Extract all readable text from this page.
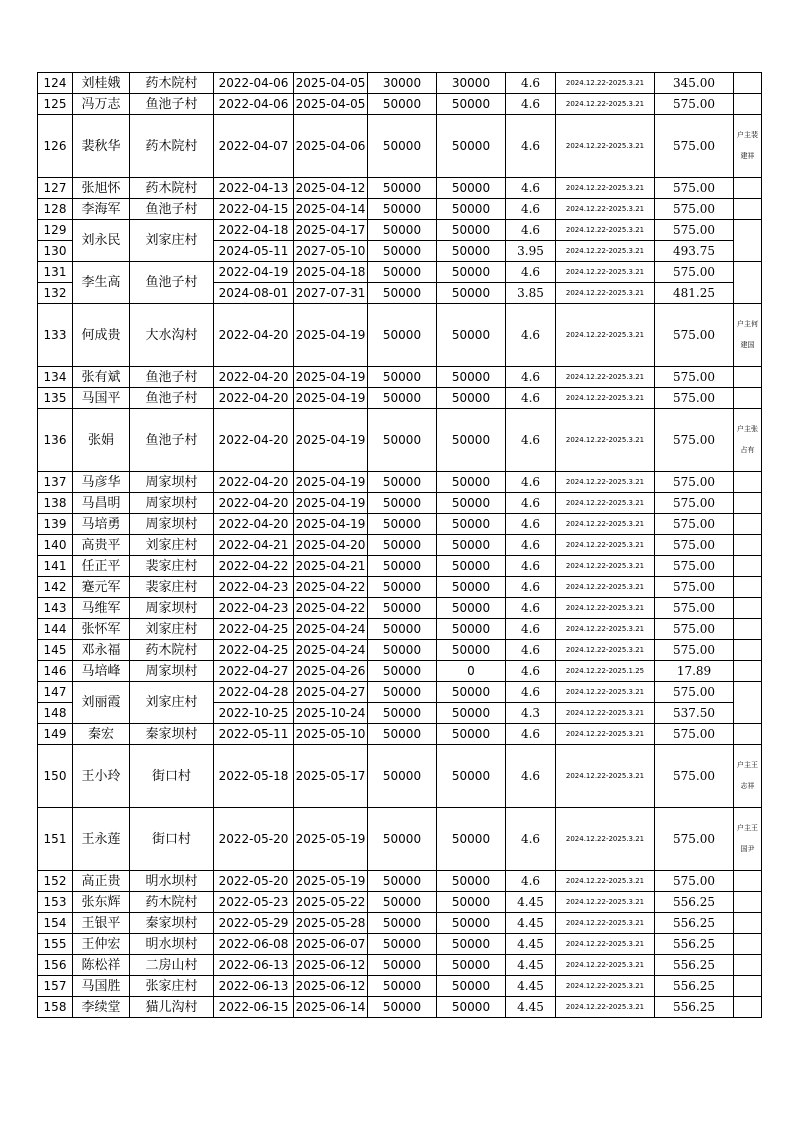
124	刘桂娥	药木院村	2022-04-06	2025-04-05	30000	30000	4.6	2024.12.22-2025.3.21	345.00	
125	冯万志	鱼池子村	2022-04-06	2025-04-05	50000	50000	4.6	2024.12.22-2025.3.21	575.00	
126	裴秋华	药木院村	2022-04-07	2025-04-06	50000	50000	4.6	2024.12.22-2025.3.21	575.00	户主裴建祥
127	张旭怀	药木院村	2022-04-13	2025-04-12	50000	50000	4.6	2024.12.22-2025.3.21	575.00	
128	李海军	鱼池子村	2022-04-15	2025-04-14	50000	50000	4.6	2024.12.22-2025.3.21	575.00	
129	刘永民	刘家庄村	2022-04-18	2025-04-17	50000	50000	4.6	2024.12.22-2025.3.21	575.00	
130			2024-05-11	2027-05-10	50000	50000	3.95	2024.12.22-2025.3.21	493.75	
131	李生高	鱼池子村	2022-04-19	2025-04-18	50000	50000	4.6	2024.12.22-2025.3.21	575.00	
132			2024-08-01	2027-07-31	50000	50000	3.85	2024.12.22-2025.3.21	481.25	
133	何成贵	大水沟村	2022-04-20	2025-04-19	50000	50000	4.6	2024.12.22-2025.3.21	575.00	户主何建国
134	张有斌	鱼池子村	2022-04-20	2025-04-19	50000	50000	4.6	2024.12.22-2025.3.21	575.00	
135	马国平	鱼池子村	2022-04-20	2025-04-19	50000	50000	4.6	2024.12.22-2025.3.21	575.00	
136	张娟	鱼池子村	2022-04-20	2025-04-19	50000	50000	4.6	2024.12.22-2025.3.21	575.00	户主张占有
137	马彦华	周家坝村	2022-04-20	2025-04-19	50000	50000	4.6	2024.12.22-2025.3.21	575.00	
138	马昌明	周家坝村	2022-04-20	2025-04-19	50000	50000	4.6	2024.12.22-2025.3.21	575.00	
139	马培勇	周家坝村	2022-04-20	2025-04-19	50000	50000	4.6	2024.12.22-2025.3.21	575.00	
140	高贵平	刘家庄村	2022-04-21	2025-04-20	50000	50000	4.6	2024.12.22-2025.3.21	575.00	
141	任正平	裴家庄村	2022-04-22	2025-04-21	50000	50000	4.6	2024.12.22-2025.3.21	575.00	
142	蹇元军	裴家庄村	2022-04-23	2025-04-22	50000	50000	4.6	2024.12.22-2025.3.21	575.00	
143	马维军	周家坝村	2022-04-23	2025-04-22	50000	50000	4.6	2024.12.22-2025.3.21	575.00	
144	张怀军	刘家庄村	2022-04-25	2025-04-24	50000	50000	4.6	2024.12.22-2025.3.21	575.00	
145	邓永福	药木院村	2022-04-25	2025-04-24	50000	50000	4.6	2024.12.22-2025.3.21	575.00	
146	马培峰	周家坝村	2022-04-27	2025-04-26	50000	0	4.6	2024.12.22-2025.1.25	17.89	
147	刘丽霞	刘家庄村	2022-04-28	2025-04-27	50000	50000	4.6	2024.12.22-2025.3.21	575.00	
148			2022-10-25	2025-10-24	50000	50000	4.3	2024.12.22-2025.3.21	537.50	
149	秦宏	秦家坝村	2022-05-11	2025-05-10	50000	50000	4.6	2024.12.22-2025.3.21	575.00	
150	王小玲	街口村	2022-05-18	2025-05-17	50000	50000	4.6	2024.12.22-2025.3.21	575.00	户主王志祥
151	王永莲	街口村	2022-05-20	2025-05-19	50000	50000	4.6	2024.12.22-2025.3.21	575.00	户主王国尹
152	高正贵	明水坝村	2022-05-20	2025-05-19	50000	50000	4.6	2024.12.22-2025.3.21	575.00	
153	张东辉	药木院村	2022-05-23	2025-05-22	50000	50000	4.45	2024.12.22-2025.3.21	556.25	
154	王银平	秦家坝村	2022-05-29	2025-05-28	50000	50000	4.45	2024.12.22-2025.3.21	556.25	
155	王仲宏	明水坝村	2022-06-08	2025-06-07	50000	50000	4.45	2024.12.22-2025.3.21	556.25	
156	陈松祥	二房山村	2022-06-13	2025-06-12	50000	50000	4.45	2024.12.22-2025.3.21	556.25	
157	马国胜	张家庄村	2022-06-13	2025-06-12	50000	50000	4.45	2024.12.22-2025.3.21	556.25	
158	李续堂	猫儿沟村	2022-06-15	2025-06-14	50000	50000	4.45	2024.12.22-2025.3.21	556.25	
